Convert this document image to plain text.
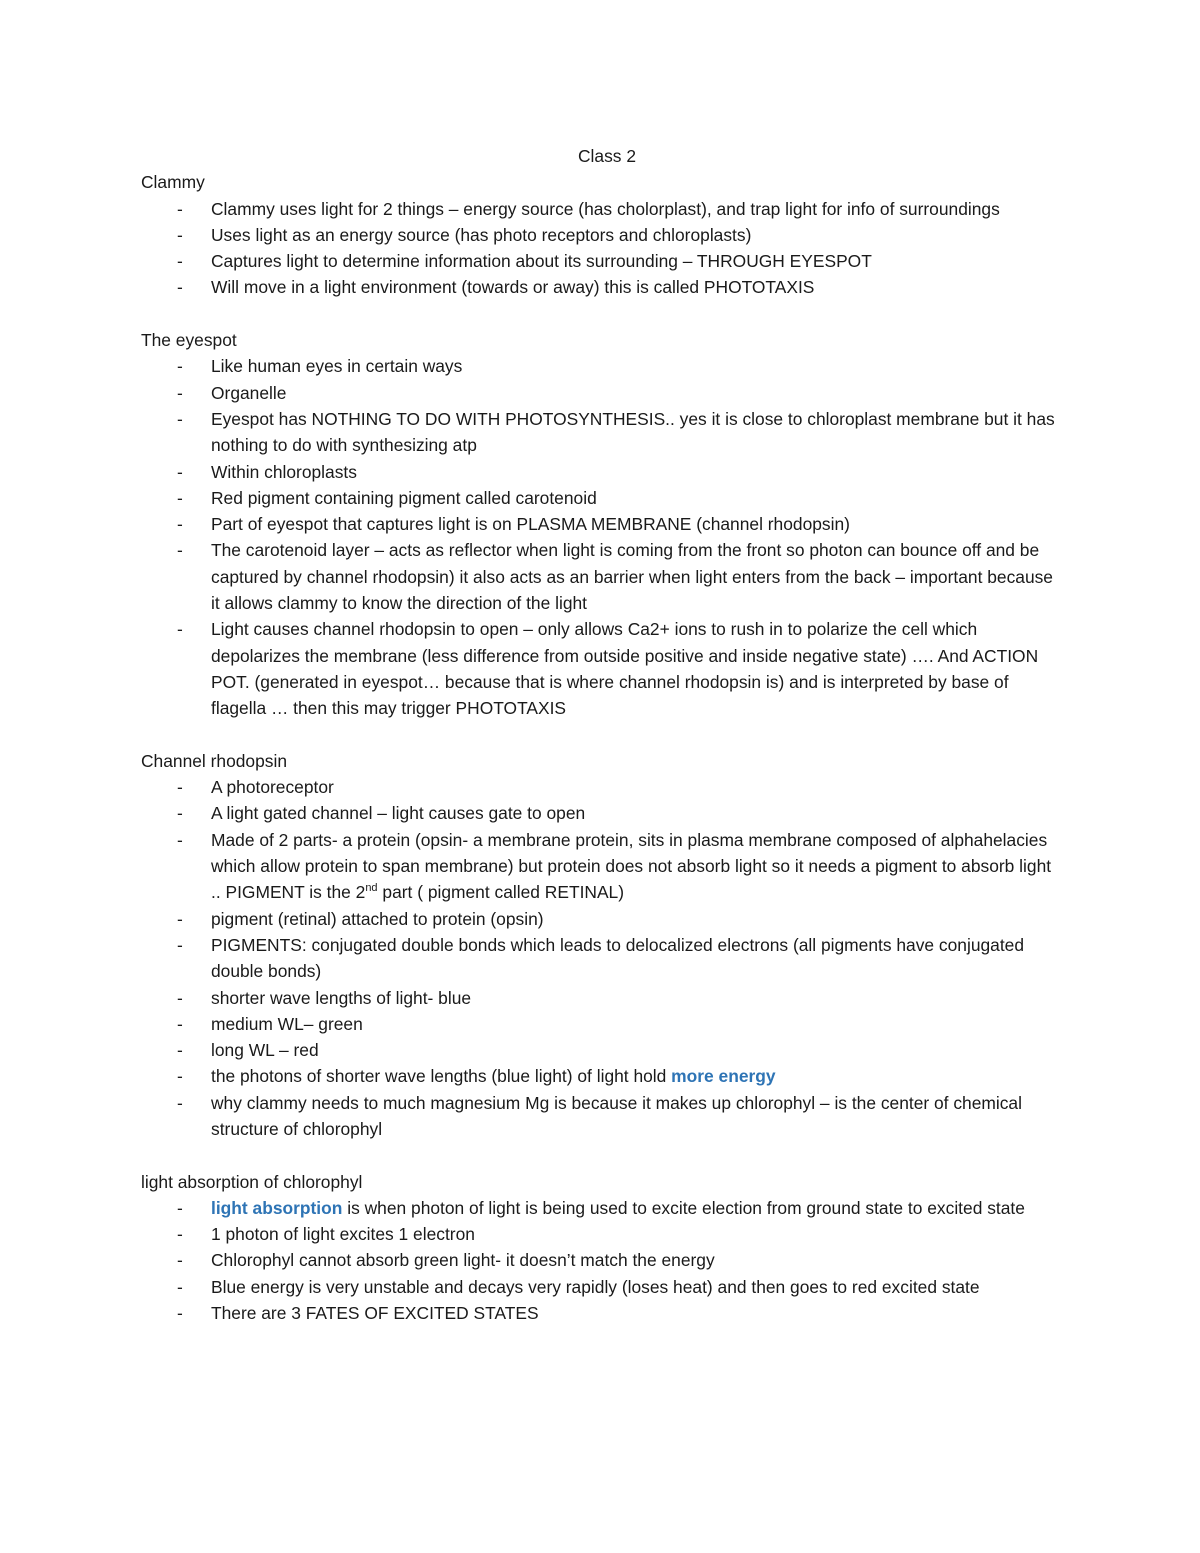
Class 2

Clammy

- Clammy uses light for 2 things – energy source (has cholorplast), and trap light for info of surroundings
- Uses light as an energy source (has photo receptors and chloroplasts)
- Captures light to determine information about its surrounding – THROUGH EYESPOT
- Will move in a light environment (towards or away) this is called PHOTOTAXIS

The eyespot

- Like human eyes in certain ways
- Organelle
- Eyespot has NOTHING TO DO WITH PHOTOSYNTHESIS.. yes it is close to chloroplast membrane but it has nothing to do with synthesizing atp
- Within chloroplasts
- Red pigment containing pigment called carotenoid
- Part of eyespot that captures light is on PLASMA MEMBRANE (channel rhodopsin)
- The carotenoid layer – acts as reflector when light is coming from the front so photon can bounce off and be captured by channel rhodopsin) it also acts as an barrier when light enters from the back – important because it allows clammy to know the direction of the light
- Light causes channel rhodopsin to open – only allows Ca2+ ions to rush in to polarize the cell which depolarizes the membrane (less difference from outside positive and inside negative state) …. And ACTION POT. (generated in eyespot… because that is where channel rhodopsin is) and is interpreted by base of flagella … then this may trigger PHOTOTAXIS

Channel rhodopsin

- A photoreceptor
- A light gated channel – light causes gate to open
- Made of 2 parts- a protein (opsin- a membrane protein, sits in plasma membrane composed of alphahelacies which allow protein to span membrane) but protein does not absorb light so it needs a pigment to absorb light .. PIGMENT is the 2nd part ( pigment called RETINAL)
- pigment (retinal) attached to protein (opsin)
- PIGMENTS: conjugated double bonds which leads to delocalized electrons (all pigments have conjugated double bonds)
- shorter wave lengths of light- blue
- medium WL– green
- long WL – red
- the photons of shorter wave lengths (blue light) of light hold more energy
- why clammy needs to much magnesium Mg is because it makes up chlorophyl – is the center of chemical structure of chlorophyl

light absorption of chlorophyl

- light absorption is when photon of light is being used to excite election from ground state to excited state
- 1 photon of light excites 1 electron
- Chlorophyl cannot absorb green light- it doesn’t match the energy
- Blue energy is very unstable and decays very rapidly (loses heat) and then goes to red excited state
- There are 3 FATES OF EXCITED STATES
